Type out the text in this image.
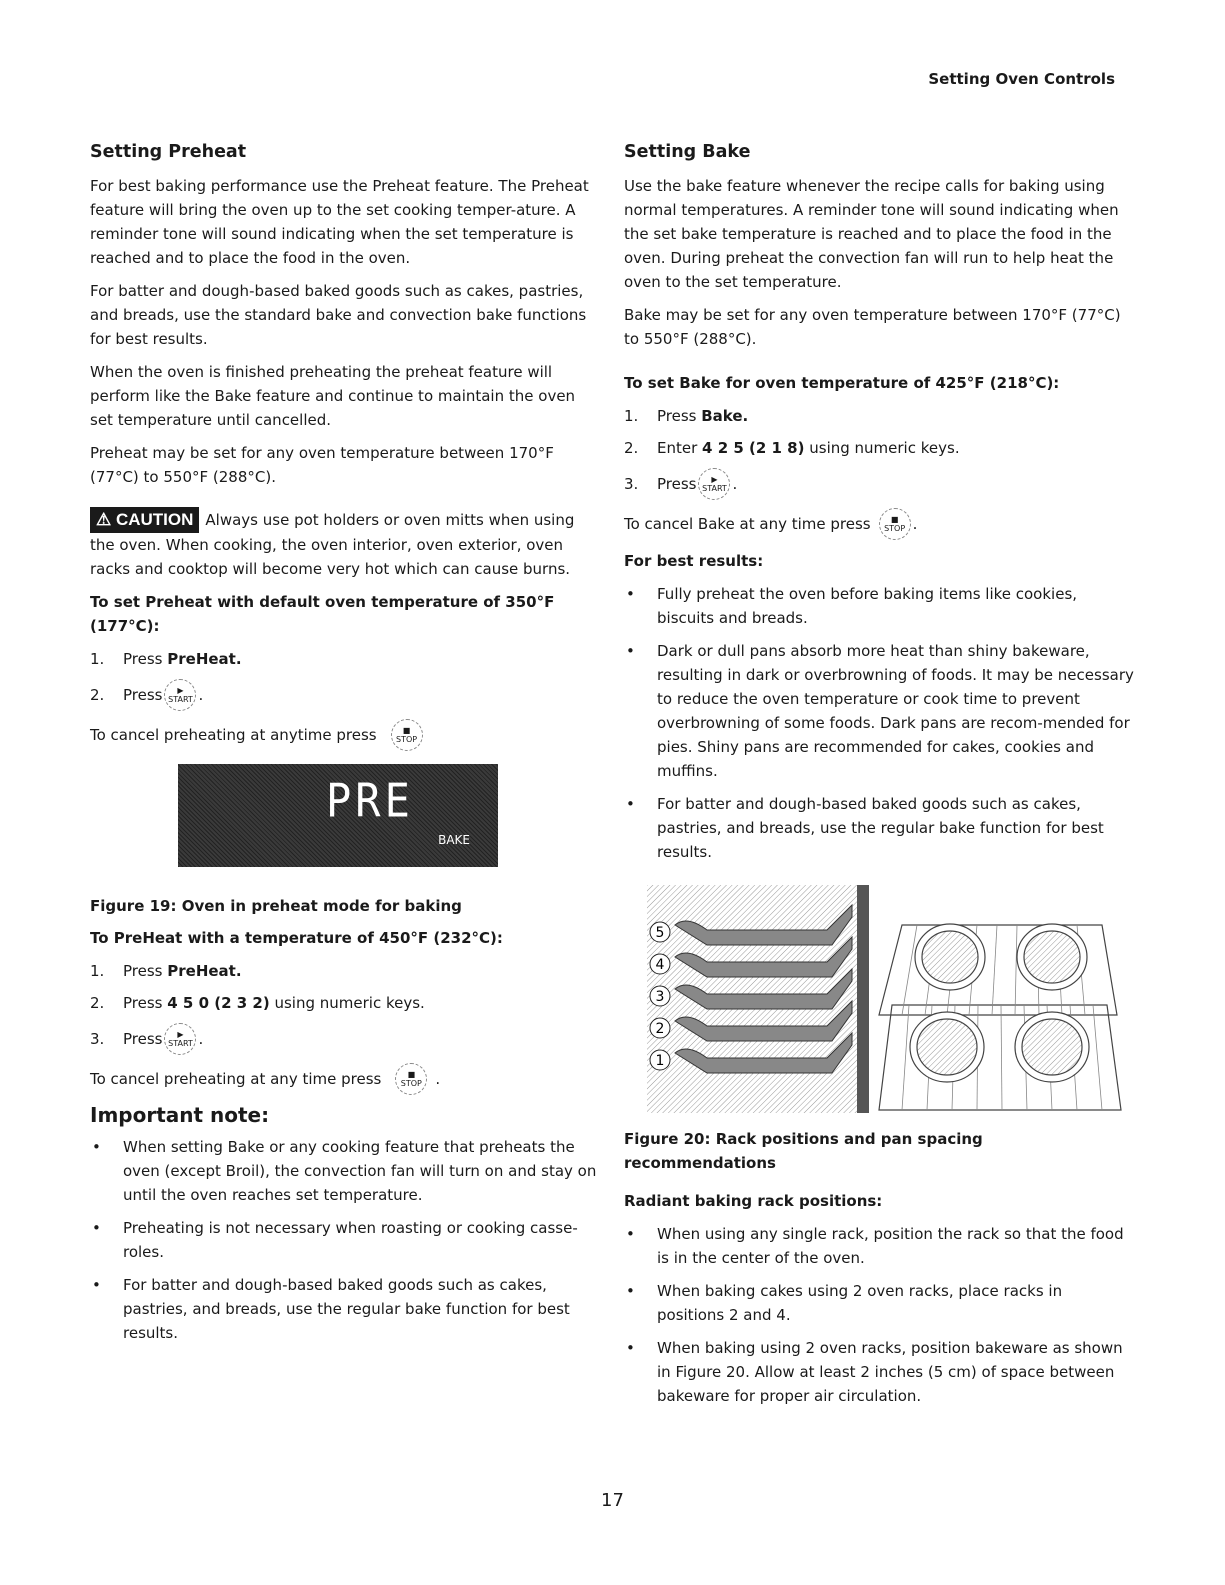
Setting Oven Controls
Setting Preheat

For best baking performance use the Preheat feature. The Preheat feature will bring the oven up to the set cooking temper-ature. A reminder tone will sound indicating when the set temperature is reached and to place the food in the oven.

For batter and dough-based baked goods such as cakes, pastries, and breads, use the standard bake and convection bake functions for best results.

When the oven is finished preheating the preheat feature will perform like the Bake feature and continue to maintain the oven set temperature until cancelled.

Preheat may be set for any oven temperature between 170°F (77°C) to 550°F (288°C).

⚠ CAUTION Always use pot holders or oven mitts when using the oven. When cooking, the oven interior, oven exterior, oven racks and cooktop will become very hot which can cause burns.

To set Preheat with default oven temperature of 350°F (177°C):
1.	Press PreHeat.
2.	Press ▶
START .
To cancel preheating at anytime press	■
STOP
PRE
BAKE
Figure 19: Oven in preheat mode for baking
To PreHeat with a temperature of 450°F (232°C):
1.	Press PreHeat.
2.	Press 4 5 0 (2 3 2) using numeric keys.
3.	Press ▶
START .
To cancel preheating at any time press	■
STOP .
Important note:
• When setting Bake or any cooking feature that preheats the oven (except Broil), the convection fan will turn on and stay on until the oven reaches set temperature.
• Preheating is not necessary when roasting or cooking casse-roles.
• For batter and dough-based baked goods such as cakes, pastries, and breads, use the regular bake function for best results.
Setting Bake

Use the bake feature whenever the recipe calls for baking using normal temperatures. A reminder tone will sound indicating when the set bake temperature is reached and to place the food in the oven. During preheat the convection fan will run to help heat the oven to the set temperature.

Bake may be set for any oven temperature between 170°F (77°C) to 550°F (288°C).

To set Bake for oven temperature of 425°F (218°C):
1.	Press Bake.
2.	Enter 4 2 5 (2 1 8) using numeric keys.
3.	Press ▶
START .
To cancel Bake at any time press	■
STOP .
For best results:
• Fully preheat the oven before baking items like cookies, biscuits and breads.
• Dark or dull pans absorb more heat than shiny bakeware, resulting in dark or overbrowning of foods. It may be necessary to reduce the oven temperature or cook time to prevent overbrowning of some foods. Dark pans are recom-mended for pies. Shiny pans are recommended for cakes, cookies and muffins.
• For batter and dough-based baked goods such as cakes, pastries, and breads, use the regular bake function for best results.
5
4
3
2
1
Figure 20: Rack positions and pan spacing recommendations
Radiant baking rack positions:
• When using any single rack, position the rack so that the food is in the center of the oven.
• When baking cakes using 2 oven racks, place racks in positions 2 and 4.
• When baking using 2 oven racks, position bakeware as shown in Figure 20. Allow at least 2 inches (5 cm) of space between bakeware for proper air circulation.
17
